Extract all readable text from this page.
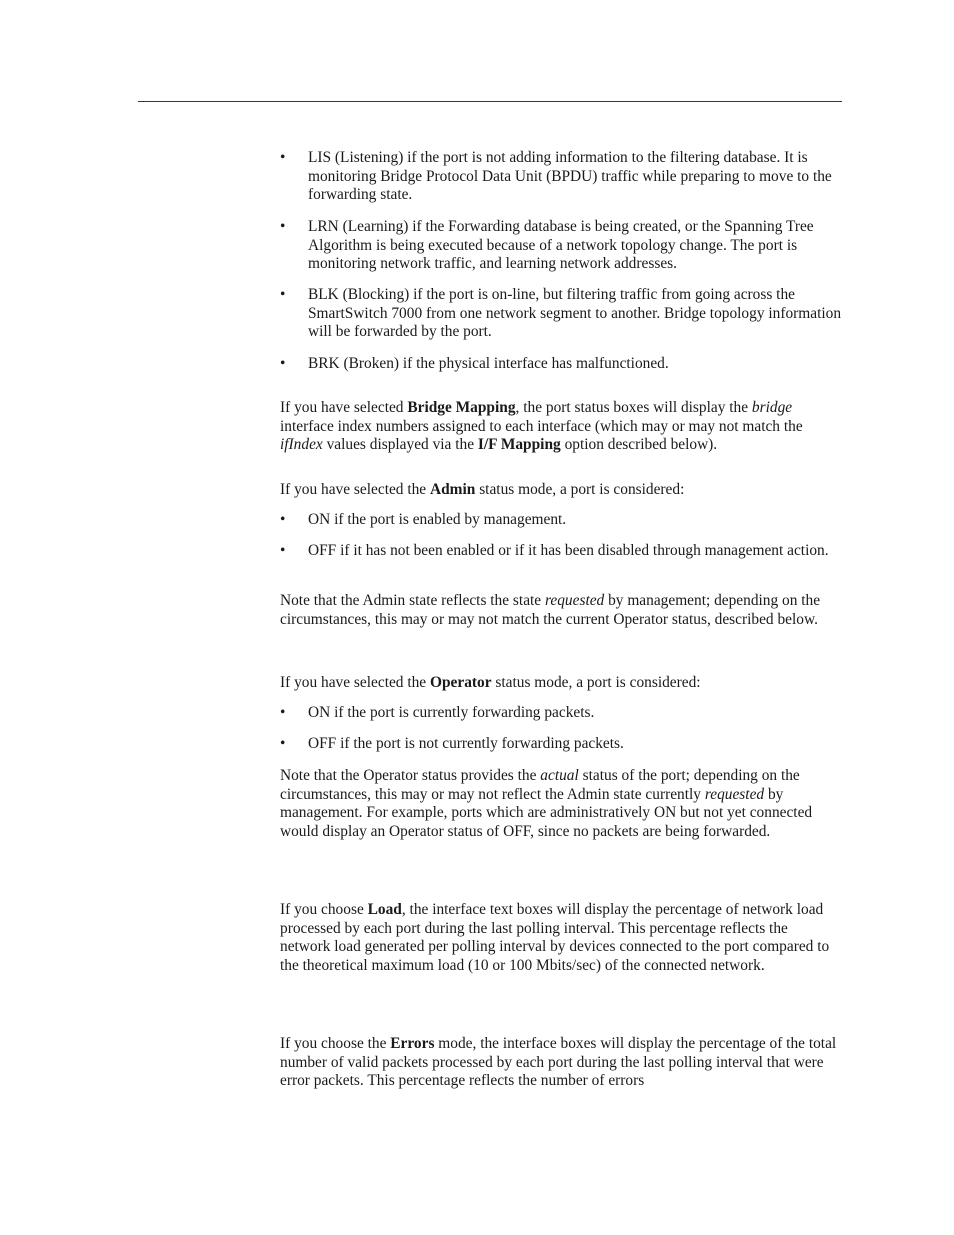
• LIS (Listening) if the port is not adding information to the filtering database. It is monitoring Bridge Protocol Data Unit (BPDU) traffic while preparing to move to the forwarding state.
• LRN (Learning) if the Forwarding database is being created, or the Spanning Tree Algorithm is being executed because of a network topology change. The port is monitoring network traffic, and learning network addresses.
• BLK (Blocking) if the port is on-line, but filtering traffic from going across the SmartSwitch 7000 from one network segment to another. Bridge topology information will be forwarded by the port.
• BRK (Broken) if the physical interface has malfunctioned.

If you have selected Bridge Mapping, the port status boxes will display the bridge interface index numbers assigned to each interface (which may or may not match the ifIndex values displayed via the I/F Mapping option described below).

If you have selected the Admin status mode, a port is considered:

• ON if the port is enabled by management.
• OFF if it has not been enabled or if it has been disabled through management action.

Note that the Admin state reflects the state requested by management; depending on the circumstances, this may or may not match the current Operator status, described below.

If you have selected the Operator status mode, a port is considered:

• ON if the port is currently forwarding packets.
• OFF if the port is not currently forwarding packets.

Note that the Operator status provides the actual status of the port; depending on the circumstances, this may or may not reflect the Admin state currently requested by management. For example, ports which are administratively ON but not yet connected would display an Operator status of OFF, since no packets are being forwarded.

If you choose Load, the interface text boxes will display the percentage of network load processed by each port during the last polling interval. This percentage reflects the network load generated per polling interval by devices connected to the port compared to the theoretical maximum load (10 or 100 Mbits/sec) of the connected network.

If you choose the Errors mode, the interface boxes will display the percentage of the total number of valid packets processed by each port during the last polling interval that were error packets. This percentage reflects the number of errors
